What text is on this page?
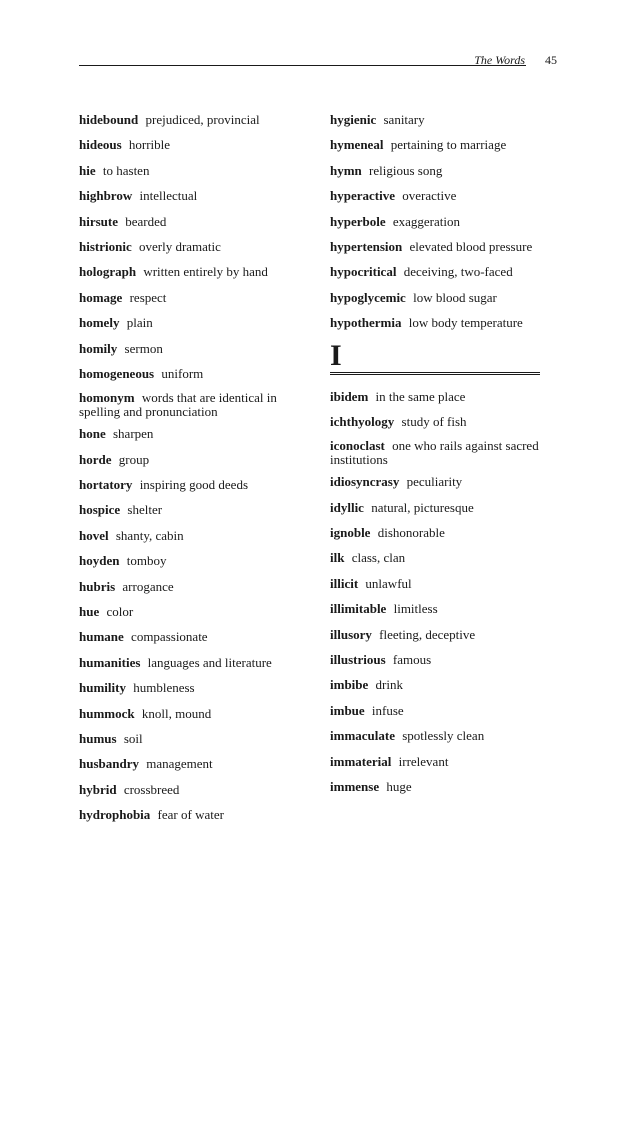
The Words 45
hidebound prejudiced, provincial
hideous horrible
hie to hasten
highbrow intellectual
hirsute bearded
histrionic overly dramatic
holograph written entirely by hand
homage respect
homely plain
homily sermon
homogeneous uniform
homonym words that are identical in spelling and pronunciation
hone sharpen
horde group
hortatory inspiring good deeds
hospice shelter
hovel shanty, cabin
hoyden tomboy
hubris arrogance
hue color
humane compassionate
humanities languages and literature
humility humbleness
hummock knoll, mound
humus soil
husbandry management
hybrid crossbreed
hydrophobia fear of water
hygienic sanitary
hymeneal pertaining to marriage
hymn religious song
hyperactive overactive
hyperbole exaggeration
hypertension elevated blood pressure
hypocritical deceiving, two-faced
hypoglycemic low blood sugar
hypothermia low body temperature
I
ibidem in the same place
ichthyology study of fish
iconoclast one who rails against sacred institutions
idiosyncrasy peculiarity
idyllic natural, picturesque
ignoble dishonorable
ilk class, clan
illicit unlawful
illimitable limitless
illusory fleeting, deceptive
illustrious famous
imbibe drink
imbue infuse
immaculate spotlessly clean
immaterial irrelevant
immense huge
